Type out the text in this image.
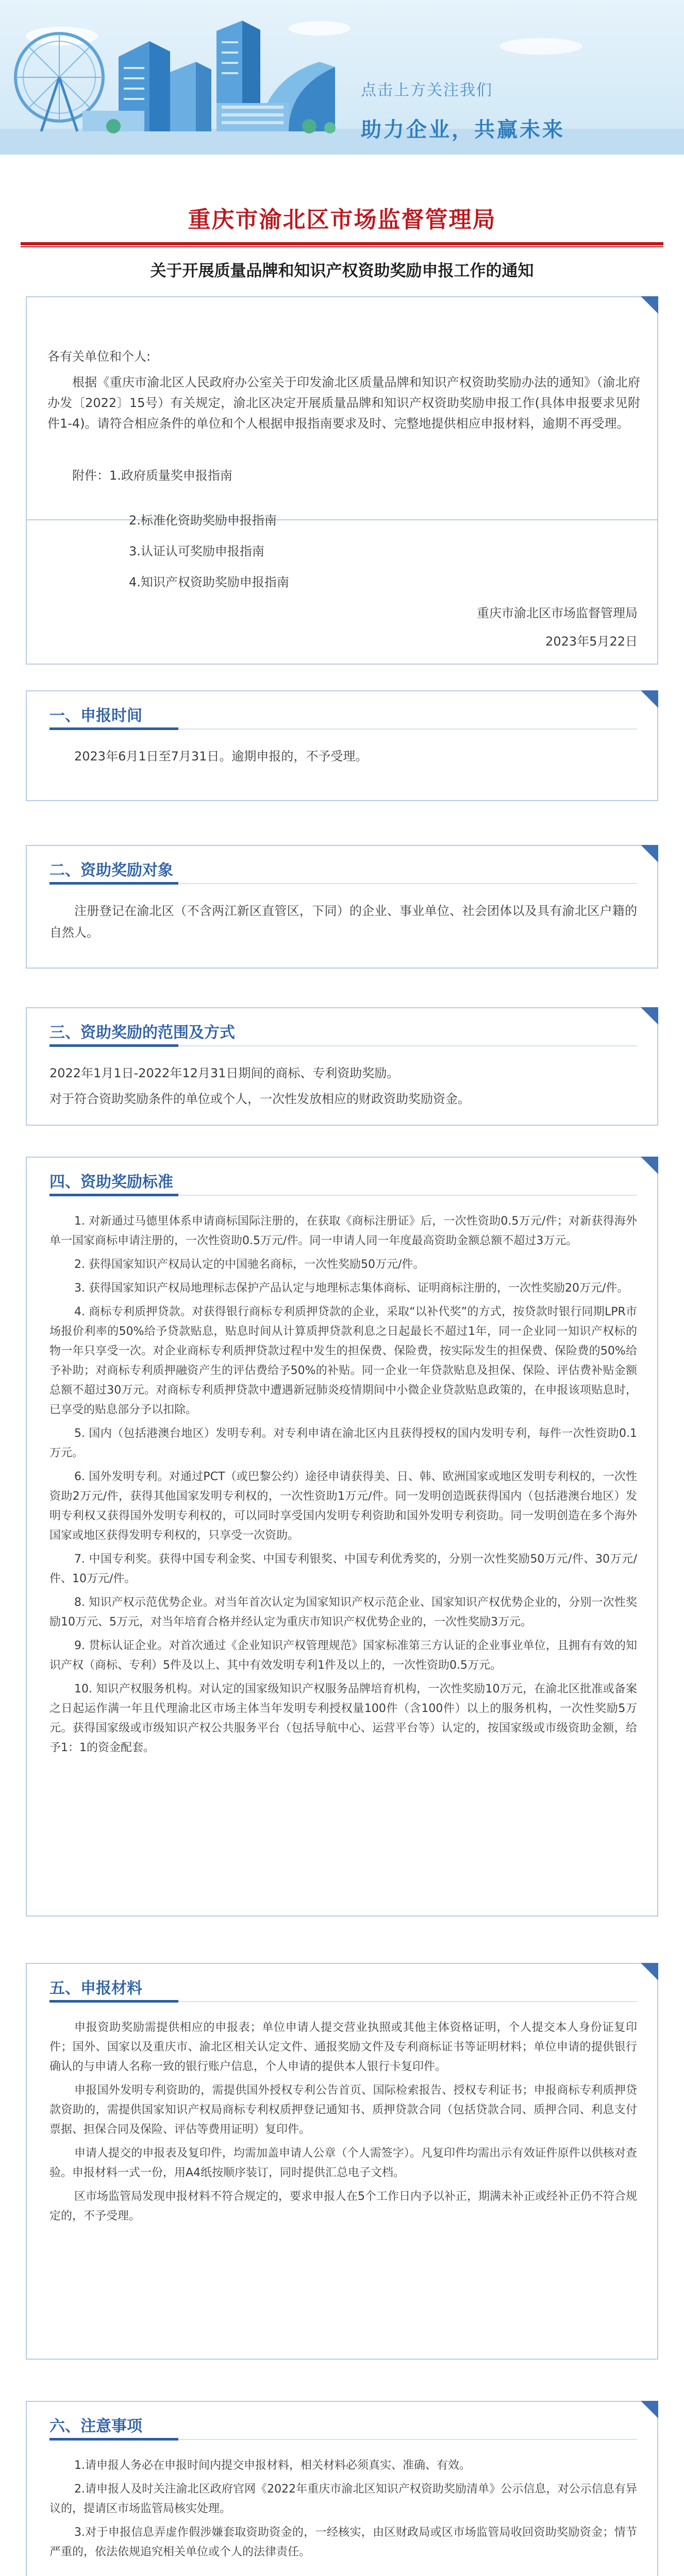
点击上方关注我们
助力企业，共赢未来
重庆市渝北区市场监督管理局
关于开展质量品牌和知识产权资助奖励申报工作的通知
各有关单位和个人:
根据《重庆市渝北区人民政府办公室关于印发渝北区质量品牌和知识产权资助奖励办法的通知》（渝北府办发〔2022〕15号）有关规定，渝北区决定开展质量品牌和知识产权资助奖励申报工作(具体申报要求见附件1-4)。请符合相应条件的单位和个人根据申报指南要求及时、完整地提供相应申报材料，逾期不再受理。
附件： 1.政府质量奖申报指南
2.标准化资助奖励申报指南
3.认证认可奖励申报指南
4.知识产权资助奖励申报指南
重庆市渝北区市场监督管理局
2023年5月22日
一、申报时间

2023年6月1日至7月31日。逾期申报的，不予受理。

二、资助奖励对象

注册登记在渝北区（不含两江新区直管区，下同）的企业、事业单位、社会团体以及具有渝北区户籍的自然人。

三、资助奖励的范围及方式

2022年1月1日-2022年12月31日期间的商标、专利资助奖励。

对于符合资助奖励条件的单位或个人，一次性发放相应的财政资助奖励资金。

四、资助奖励标准

1. 对新通过马德里体系申请商标国际注册的，在获取《商标注册证》后，一次性资助0.5万元/件；对新获得海外单一国家商标申请注册的，一次性资助0.5万元/件。同一申请人同一年度最高资助金额总额不超过3万元。

2. 获得国家知识产权局认定的中国驰名商标，一次性奖励50万元/件。

3. 获得国家知识产权局地理标志保护产品认定与地理标志集体商标、证明商标注册的，一次性奖励20万元/件。

4. 商标专利质押贷款。对获得银行商标专利质押贷款的企业，采取“以补代奖”的方式，按贷款时银行同期LPR市场报价利率的50%给予贷款贴息，贴息时间从计算质押贷款利息之日起最长不超过1年，同一企业同一知识产权标的物一年只享受一次。对企业商标专利质押贷款过程中发生的担保费、保险费，按实际发生的担保费、保险费的50%给予补助；对商标专利质押融资产生的评估费给予50%的补贴。同一企业一年贷款贴息及担保、保险、评估费补贴金额总额不超过30万元。对商标专利质押贷款中遭遇新冠肺炎疫情期间中小微企业贷款贴息政策的，在申报该项贴息时，已享受的贴息部分予以扣除。

5. 国内（包括港澳台地区）发明专利。对专利申请在渝北区内且获得授权的国内发明专利，每件一次性资助0.1万元。

6. 国外发明专利。对通过PCT（或巴黎公约）途径申请获得美、日、韩、欧洲国家或地区发明专利权的，一次性资助2万元/件，获得其他国家发明专利权的，一次性资助1万元/件。同一发明创造既获得国内（包括港澳台地区）发明专利权又获得国外发明专利权的，可以同时享受国内发明专利资助和国外发明专利资助。同一发明创造在多个海外国家或地区获得发明专利权的，只享受一次资助。

7. 中国专利奖。获得中国专利金奖、中国专利银奖、中国专利优秀奖的，分别一次性奖励50万元/件、30万元/件、10万元/件。

8. 知识产权示范优势企业。对当年首次认定为国家知识产权示范企业、国家知识产权优势企业的，分别一次性奖励10万元、5万元，对当年培育合格并经认定为重庆市知识产权优势企业的，一次性奖励3万元。

9. 贯标认证企业。对首次通过《企业知识产权管理规范》国家标准第三方认证的企业事业单位，且拥有有效的知识产权（商标、专利）5件及以上、其中有效发明专利1件及以上的，一次性资助0.5万元。

10. 知识产权服务机构。对认定的国家级知识产权服务品牌培育机构，一次性奖励10万元，在渝北区批准或备案之日起运作满一年且代理渝北区市场主体当年发明专利授权量100件（含100件）以上的服务机构，一次性奖励5万元。获得国家级或市级知识产权公共服务平台（包括导航中心、运营平台等）认定的，按国家级或市级资助金额，给予1：1的资金配套。

五、申报材料

申报资助奖励需提供相应的申报表；单位申请人提交营业执照或其他主体资格证明，个人提交本人身份证复印件；国外、国家以及重庆市、渝北区相关认定文件、通报奖励文件及专利商标证书等证明材料；单位申请的提供银行确认的与申请人名称一致的银行账户信息，个人申请的提供本人银行卡复印件。

申报国外发明专利资助的，需提供国外授权专利公告首页、国际检索报告、授权专利证书；申报商标专利质押贷款资助的，需提供国家知识产权局商标专利权质押登记通知书、质押贷款合同（包括贷款合同、质押合同、利息支付票据、担保合同及保险、评估等费用证明）复印件。

申请人提交的申报表及复印件，均需加盖申请人公章（个人需签字）。凡复印件均需出示有效证件原件以供核对查验。申报材料一式一份，用A4纸按顺序装订，同时提供汇总电子文档。

区市场监管局发现申报材料不符合规定的，要求申报人在5个工作日内予以补正，期满未补正或经补正仍不符合规定的，不予受理。

六、注意事项

1.请申报人务必在申报时间内提交申报材料，相关材料必须真实、准确、有效。

2.请申报人及时关注渝北区政府官网《2022年重庆市渝北区知识产权资助奖励清单》公示信息，对公示信息有异议的，提请区市场监管局核实处理。

3.对于申报信息弄虚作假涉嫌套取资助资金的，一经核实，由区财政局或区市场监管局收回资助奖励资金；情节严重的，依法依规追究相关单位或个人的法律责任。
